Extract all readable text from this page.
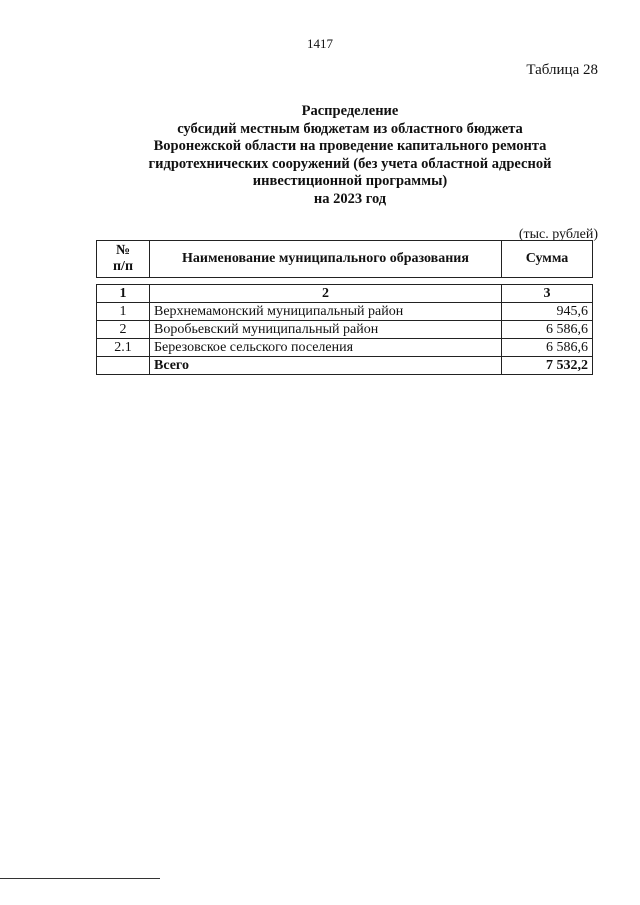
1417
Таблица 28
Распределение
субсидий местным бюджетам из областного бюджета
Воронежской области на проведение капитального ремонта
гидротехнических сооружений (без учета областной адресной
инвестиционной программы)
на 2023 год
(тыс. рублей)
№
п/п
	Наименование муниципального образования	Сумма
1	2	3
1	Верхнемамонский муниципальный район	945,6
2	Воробьевский муниципальный район	6 586,6
2.1	Березовское сельского поселения	6 586,6
	Всего	7 532,2
